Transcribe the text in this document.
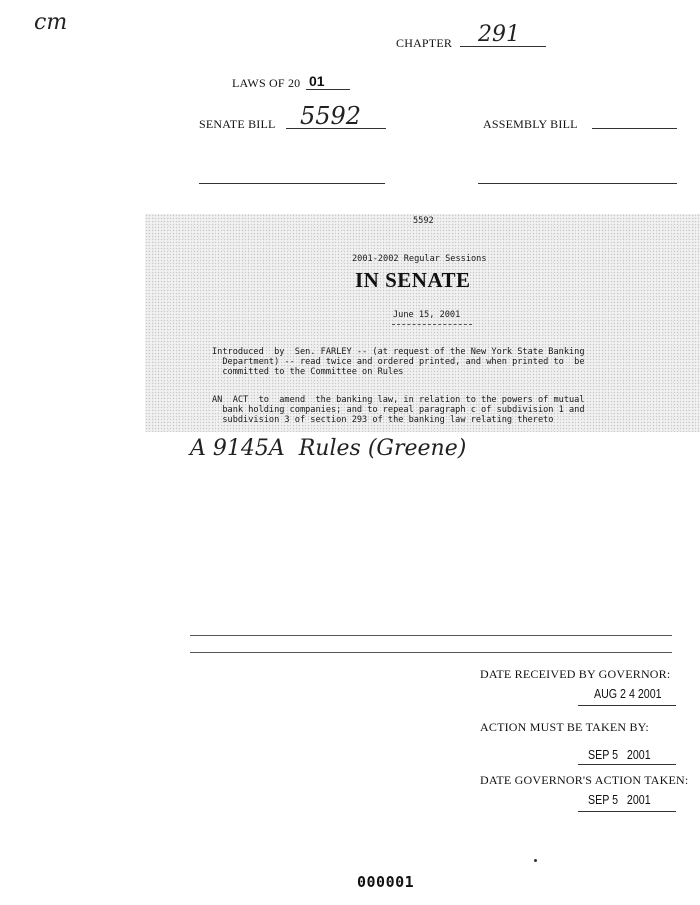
cm
CHAPTER 291
LAWS OF 20 01
SENATE BILL 5592	ASSEMBLY BILL
5592
2001-2002 Regular Sessions
IN SENATE
June 15, 2001
Introduced  by  Sen. FARLEY -- (at request of the New York State Banking
Department) -- read twice and ordered printed, and when printed to  be
committed to the Committee on Rules
AN  ACT  to  amend  the banking law, in relation to the powers of mutual
bank holding companies; and to repeal paragraph c of subdivision 1 and
subdivision 3 of section 293 of the banking law relating thereto
A 9145A  Rules (Greene)
DATE RECEIVED BY GOVERNOR:
AUG 2 4 2001
ACTION MUST BE TAKEN BY:
SEP 5   2001
DATE GOVERNOR'S ACTION TAKEN:
SEP 5   2001
000001
